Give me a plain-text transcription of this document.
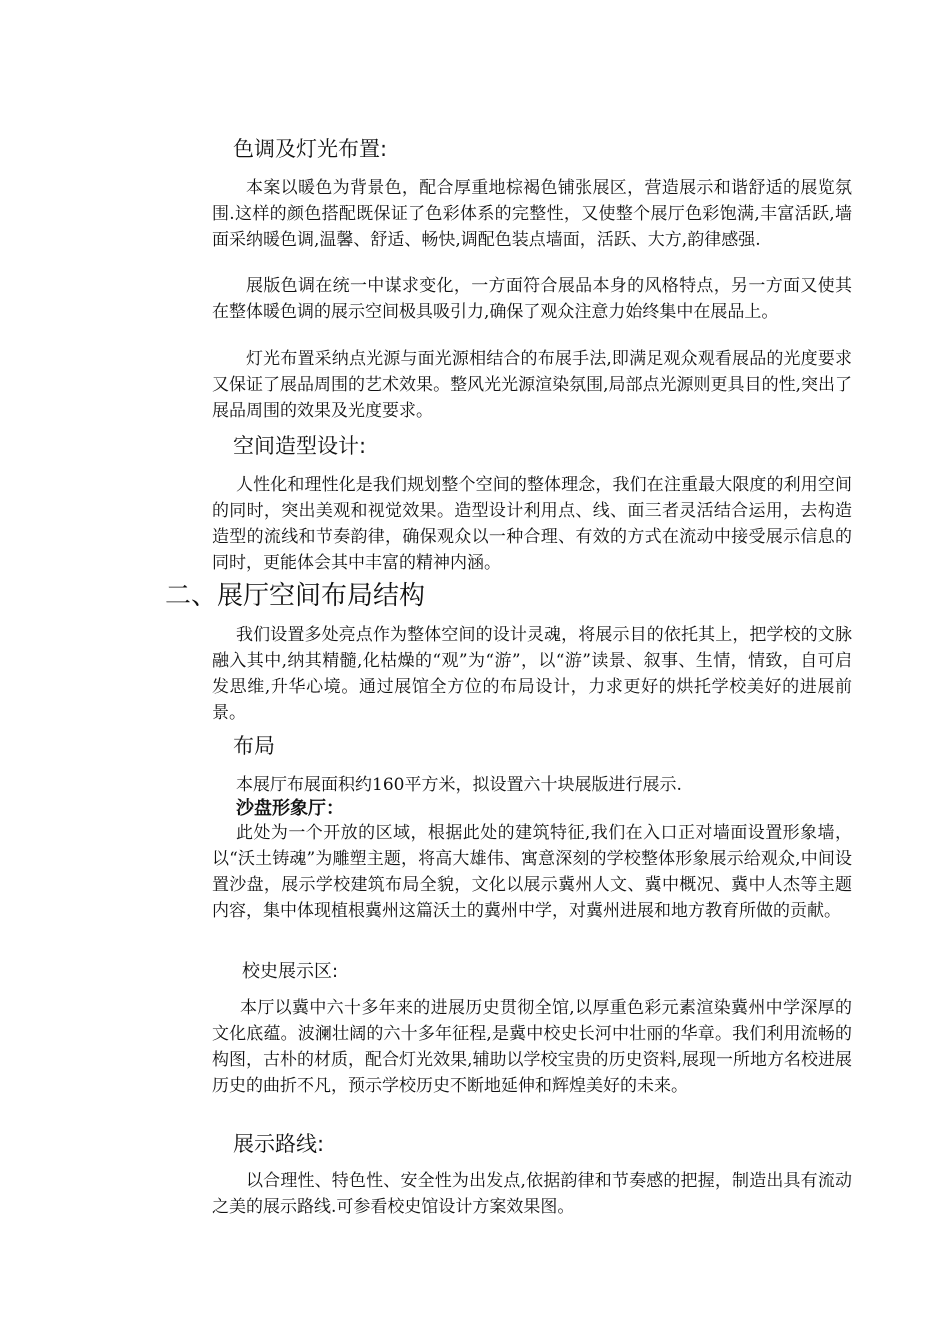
色调及灯光布置:

本案以暖色为背景色，配合厚重地棕褐色铺张展区，营造展示和谐舒适的展览氛围.这样的颜色搭配既保证了色彩体系的完整性，又使整个展厅色彩饱满,丰富活跃,墙面采纳暖色调,温馨、舒适、畅快,调配色装点墙面，活跃、大方,韵律感强.

展版色调在统一中谋求变化，一方面符合展品本身的风格特点，另一方面又使其在整体暖色调的展示空间极具吸引力,确保了观众注意力始终集中在展品上。

灯光布置采纳点光源与面光源相结合的布展手法,即满足观众观看展品的光度要求又保证了展品周围的艺术效果。整风光光源渲染氛围,局部点光源则更具目的性,突出了展品周围的效果及光度要求。

空间造型设计:

人性化和理性化是我们规划整个空间的整体理念，我们在注重最大限度的利用空间的同时，突出美观和视觉效果。造型设计利用点、线、面三者灵活结合运用，去构造造型的流线和节奏韵律，确保观众以一种合理、有效的方式在流动中接受展示信息的同时，更能体会其中丰富的精神内涵。

二、展厅空间布局结构

我们设置多处亮点作为整体空间的设计灵魂，将展示目的依托其上，把学校的文脉融入其中,纳其精髓,化枯燥的“观”为“游”，以“游”读景、叙事、生情，情致，自可启发思维,升华心境。通过展馆全方位的布局设计，力求更好的烘托学校美好的进展前景。

布局

本展厅布展面积约160平方米，拟设置六十块展版进行展示.

沙盘形象厅：

此处为一个开放的区域，根据此处的建筑特征,我们在入口正对墙面设置形象墙，以“沃土铸魂”为雕塑主题，将高大雄伟、寓意深刻的学校整体形象展示给观众,中间设置沙盘，展示学校建筑布局全貌，文化以展示冀州人文、冀中概况、冀中人杰等主题内容，集中体现植根冀州这篇沃土的冀州中学，对冀州进展和地方教育所做的贡献。

校史展示区:

本厅以冀中六十多年来的进展历史贯彻全馆,以厚重色彩元素渲染冀州中学深厚的文化底蕴。波澜壮阔的六十多年征程,是冀中校史长河中壮丽的华章。我们利用流畅的构图，古朴的材质，配合灯光效果,辅助以学校宝贵的历史资料,展现一所地方名校进展历史的曲折不凡，预示学校历史不断地延伸和辉煌美好的未来。

展示路线:

以合理性、特色性、安全性为出发点,依据韵律和节奏感的把握，制造出具有流动之美的展示路线.可参看校史馆设计方案效果图。
